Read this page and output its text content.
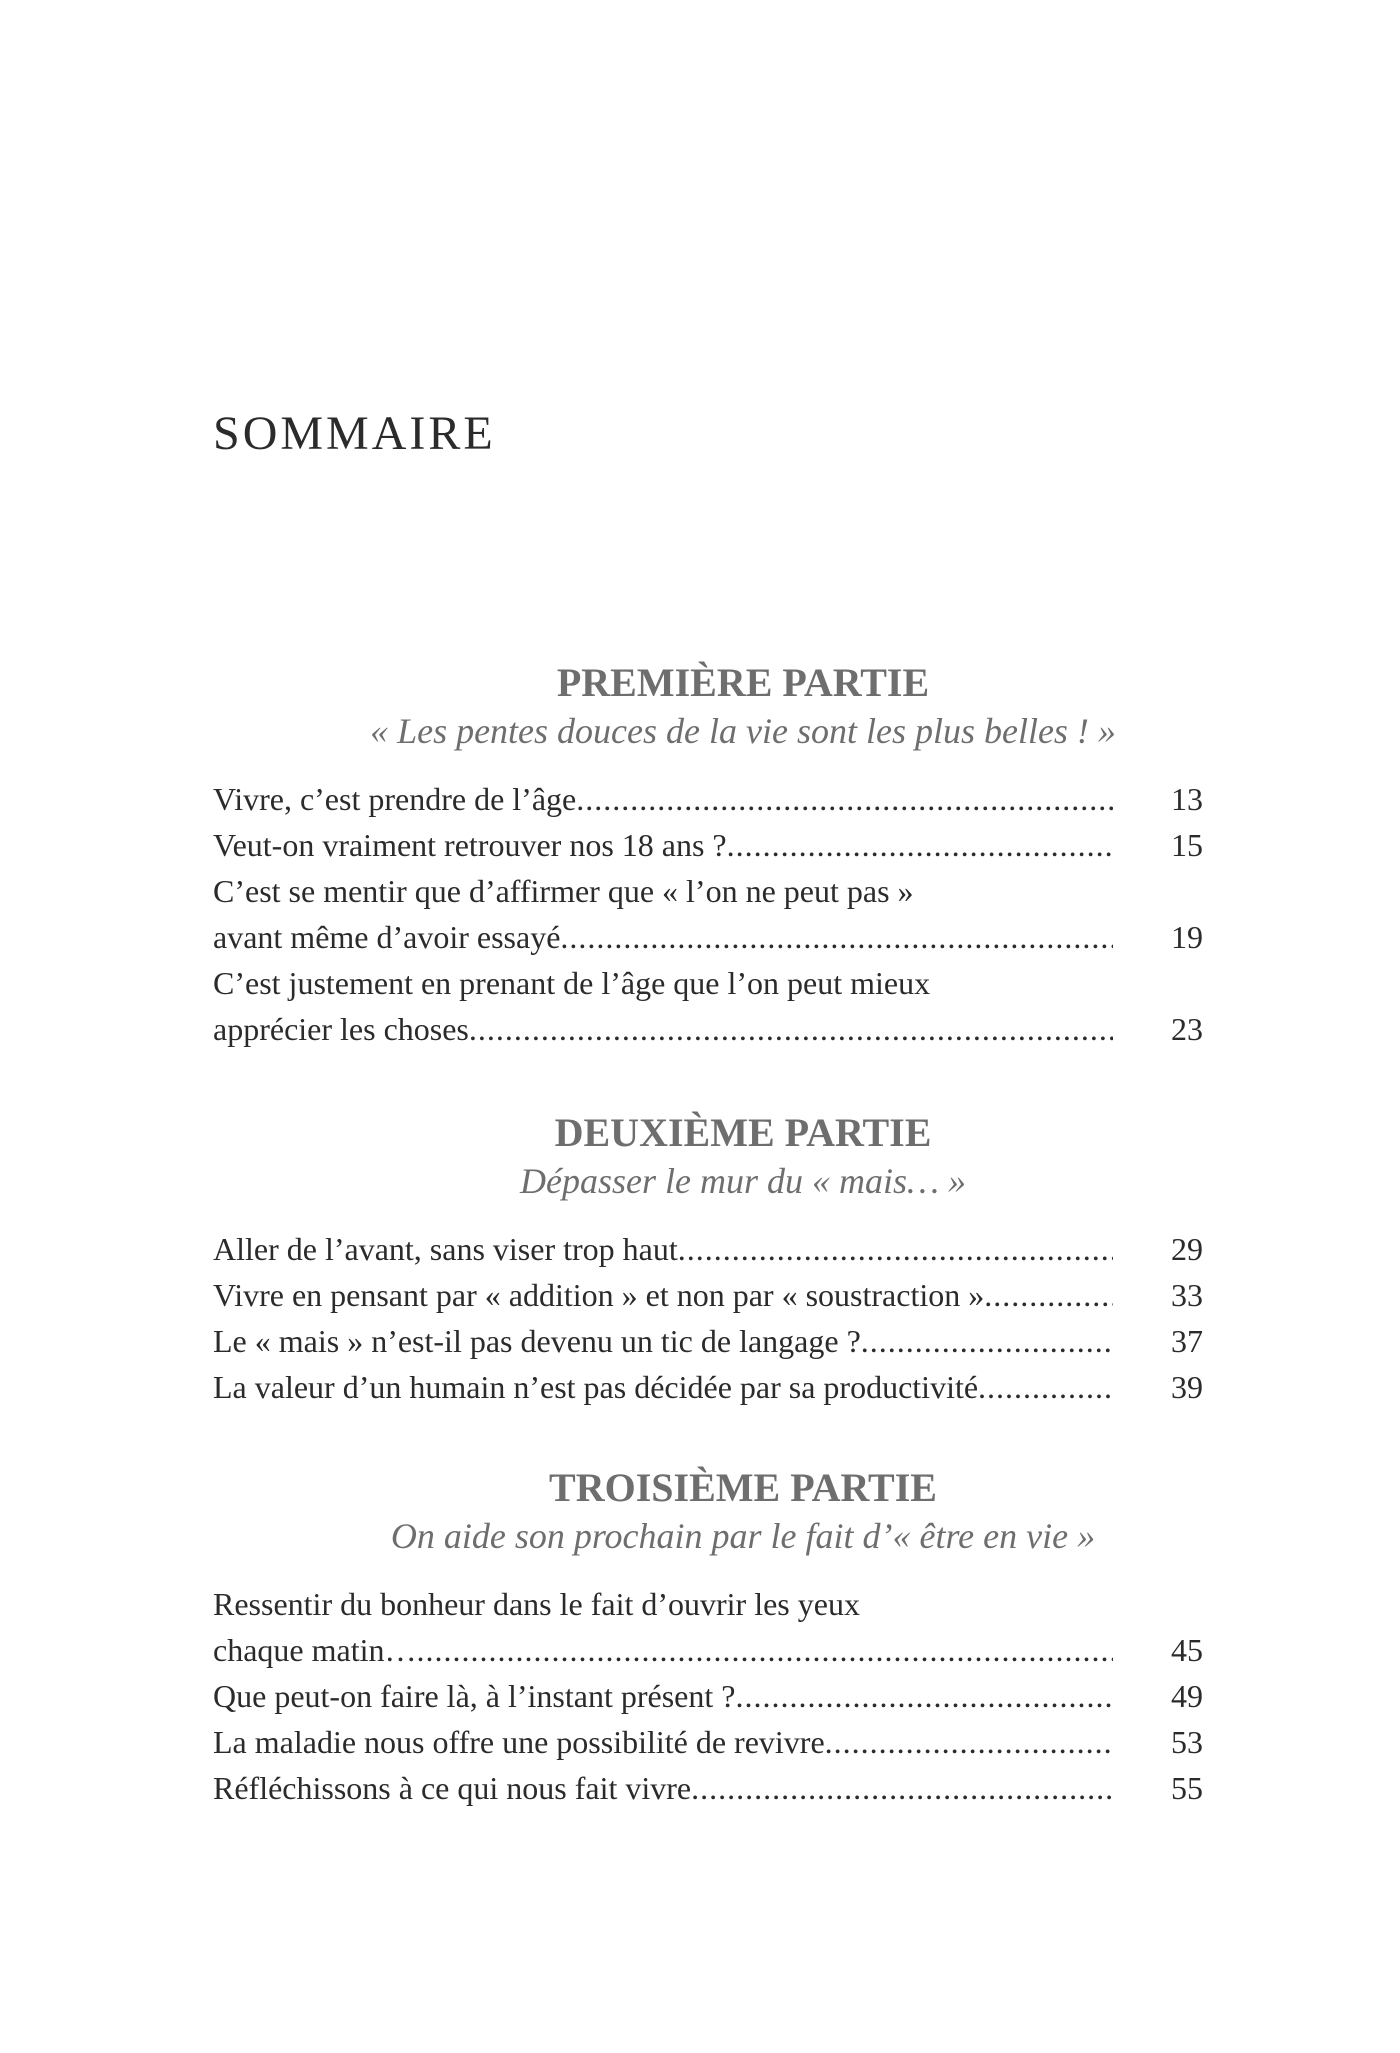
SOMMAIRE
PREMIÈRE PARTIE
« Les pentes douces de la vie sont les plus belles ! »
Vivre, c’est prendre de l’âge .....	13
Veut-on vraiment retrouver nos 18 ans ? .....	15
C’est se mentir que d’affirmer que « l’on ne peut pas »
avant même d’avoir essayé .....	19
C’est justement en prenant de l’âge que l’on peut mieux
apprécier les choses .....	23
DEUXIÈME PARTIE
Dépasser le mur du « mais… »
Aller de l’avant, sans viser trop haut .....	29
Vivre en pensant par « addition » et non par « soustraction » .....	33
Le « mais » n’est-il pas devenu un tic de langage ? .....	37
La valeur d’un humain n’est pas décidée par sa productivité .....	39
TROISIÈME PARTIE
On aide son prochain par le fait d’« être en vie »
Ressentir du bonheur dans le fait d’ouvrir les yeux
chaque matin… .....	45
Que peut-on faire là, à l’instant présent ? .....	49
La maladie nous offre une possibilité de revivre .....	53
Réfléchissons à ce qui nous fait vivre .....	55
